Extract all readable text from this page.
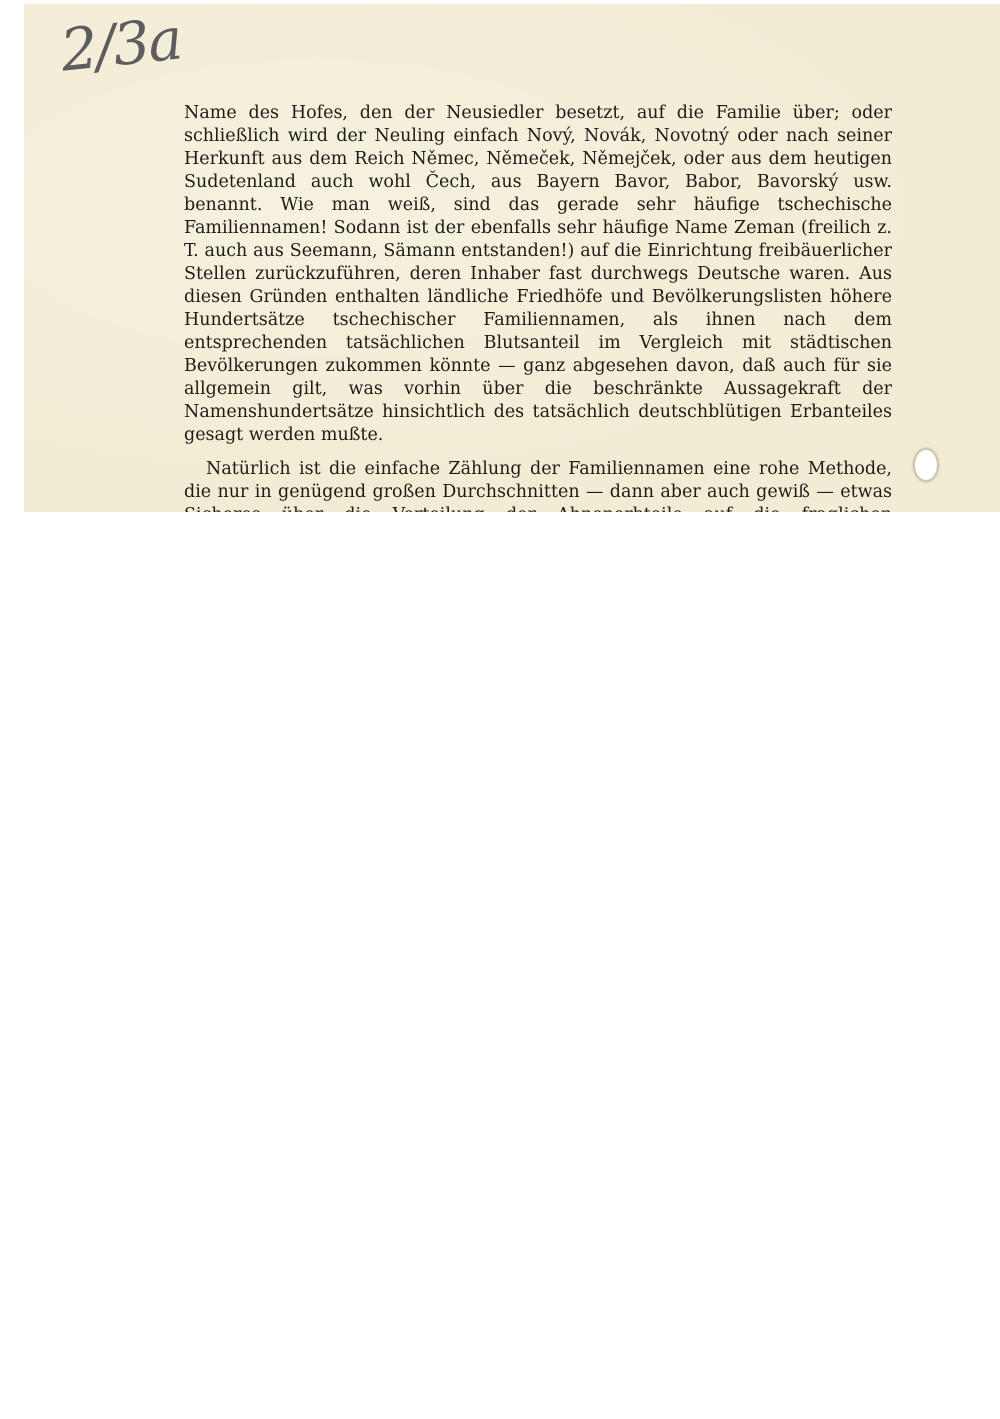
2/3a

Name des Hofes, den der Neusiedler besetzt, auf die Familie über; oder schließlich wird der Neuling einfach Nový, Novák, Novotný oder nach seiner Herkunft aus dem Reich Němec, Němeček, Němejček, oder aus dem heutigen Sudetenland auch wohl Čech, aus Bayern Bavor, Babor, Bavorský usw. benannt. Wie man weiß, sind das gerade sehr häufige tschechische Familiennamen! Sodann ist der ebenfalls sehr häufige Name Zeman (freilich z. T. auch aus Seemann, Sämann entstanden!) auf die Einrichtung freibäuerlicher Stellen zurückzuführen, deren Inhaber fast durchwegs Deutsche waren. Aus diesen Gründen enthalten ländliche Friedhöfe und Bevölkerungslisten höhere Hundertsätze tschechischer Familiennamen, als ihnen nach dem entsprechenden tatsächlichen Blutsanteil im Vergleich mit städtischen Bevölkerungen zukommen könnte — ganz abgesehen davon, daß auch für sie allgemein gilt, was vorhin über die beschränkte Aussagekraft der Namenshundertsätze hinsichtlich des tatsächlich deutschblütigen Erbanteiles gesagt werden mußte.

Natürlich ist die einfache Zählung der Familiennamen eine rohe Methode, die nur in genügend großen Durchschnitten — dann aber auch gewiß — etwas
